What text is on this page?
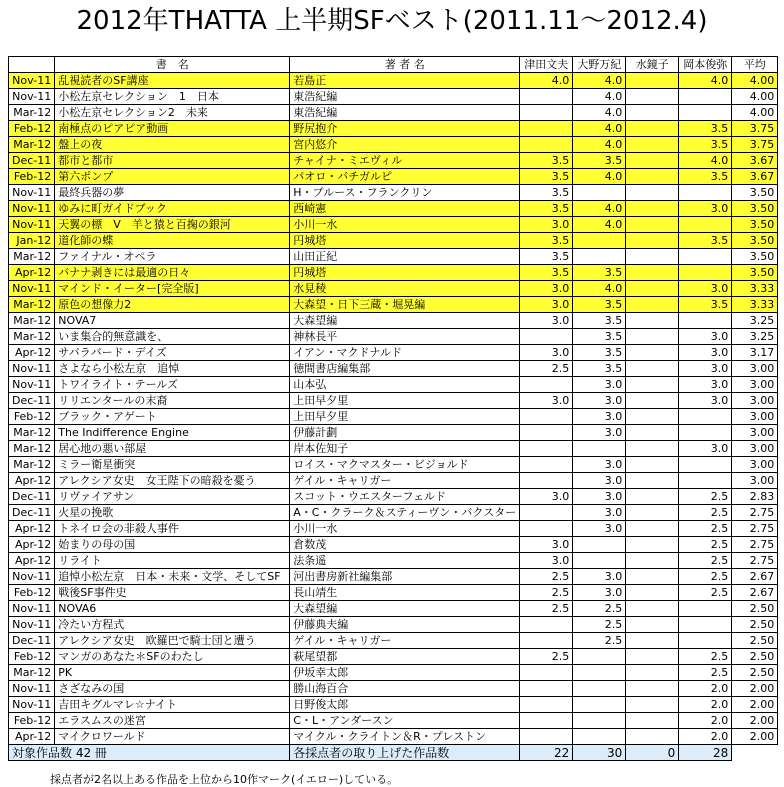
2012年THATTA 上半期SFベスト(2011.11～2012.4)
	書　名	著 者 名	津田文夫	大野万紀	水鏡子	岡本俊弥	平均
Nov-11	乱視読者のSF講座	若島正	4.0	4.0		4.0	4.00
Nov-11	小松左京セレクション　1　日本	東浩紀編		4.0			4.00
Mar-12	小松左京セレクション2　未来	東浩紀編		4.0			4.00
Feb-12	南極点のピアピア動画	野尻抱介		4.0		3.5	3.75
Mar-12	盤上の夜	宮内悠介		4.0		3.5	3.75
Dec-11	都市と都市	チャイナ・ミエヴィル	3.5	3.5		4.0	3.67
Feb-12	第六ポンプ	パオロ・バチガルピ	3.5	4.0		3.5	3.67
Nov-11	最終兵器の夢	H・ブルース・フランクリン	3.5				3.50
Nov-11	ゆみに町ガイドブック	西崎憲	3.5	4.0		3.0	3.50
Nov-11	天翼の標　V　羊と猿と百掬の銀河	小川一水	3.0	4.0			3.50
Jan-12	道化師の蝶	円城塔	3.5			3.5	3.50
Mar-12	ファイナル・オペラ	山田正紀	3.5				3.50
Apr-12	バナナ剥きには最適の日々	円城塔	3.5	3.5			3.50
Nov-11	マインド・イーター[完全版]	水見稜	3.0	4.0		3.0	3.33
Mar-12	原色の想像力2	大森望・日下三蔵・堀晃編	3.0	3.5		3.5	3.33
Mar-12	NOVA7	大森望編	3.0	3.5			3.25
Mar-12	いま集合的無意識を、	神林長平		3.5		3.0	3.25
Apr-12	サバラバード・デイズ	イアン・マクドナルド	3.0	3.5		3.0	3.17
Nov-11	さよなら小松左京　追悼	徳間書店編集部	2.5	3.5		3.0	3.00
Nov-11	トワイライト・テールズ	山本弘		3.0		3.0	3.00
Dec-11	リリエンタールの末裔	上田早夕里	3.0	3.0		3.0	3.00
Feb-12	ブラック・アゲート	上田早夕里		3.0			3.00
Mar-12	The Indifference Engine	伊藤計劃		3.0			3.00
Mar-12	居心地の悪い部屋	岸本佐知子				3.0	3.00
Mar-12	ミラー衛星衝突	ロイス・マクマスター・ビジョルド		3.0			3.00
Apr-12	アレクシア女史　女王陛下の暗殺を憂う	ゲイル・キャリガー		3.0			3.00
Dec-11	リヴァイアサン	スコット・ウエスターフェルド	3.0	3.0		2.5	2.83
Dec-11	火星の挽歌	A・C・クラーク＆スティーヴン・バクスター		3.0		2.5	2.75
Apr-12	トネイロ会の非殺人事件	小川一水		3.0		2.5	2.75
Apr-12	始まりの母の国	倉数茂	3.0			2.5	2.75
Apr-12	リライト	法条遥	3.0			2.5	2.75
Nov-11	追悼小松左京　日本・未来・文学、そしてSF	河出書房新社編集部	2.5	3.0		2.5	2.67
Feb-12	戦後SF事件史	長山靖生	2.5	3.0		2.5	2.67
Nov-11	NOVA6	大森望編	2.5	2.5			2.50
Nov-11	冷たい方程式	伊藤典夫編		2.5			2.50
Dec-11	アレクシア女史　欧羅巴で騎士団と遭う	ゲイル・キャリガー		2.5			2.50
Feb-12	マンガのあなた＊SFのわたし	萩尾望都	2.5			2.5	2.50
Mar-12	PK	伊坂幸太郎				2.5	2.50
Nov-11	さざなみの国	勝山海百合				2.0	2.00
Nov-11	吉田キグルマレ☆ナイト	日野俊太郎				2.0	2.00
Feb-12	エラスムスの迷宮	C・L・アンダースン				2.0	2.00
Apr-12	マイクロワールド	マイクル・クライトン＆R・プレストン				2.0	2.00
対象作品数 42 冊		各採点者の取り上げた作品数	22	30	0	28	
採点者が2名以上ある作品を上位から10作マーク(イエロー)している。
